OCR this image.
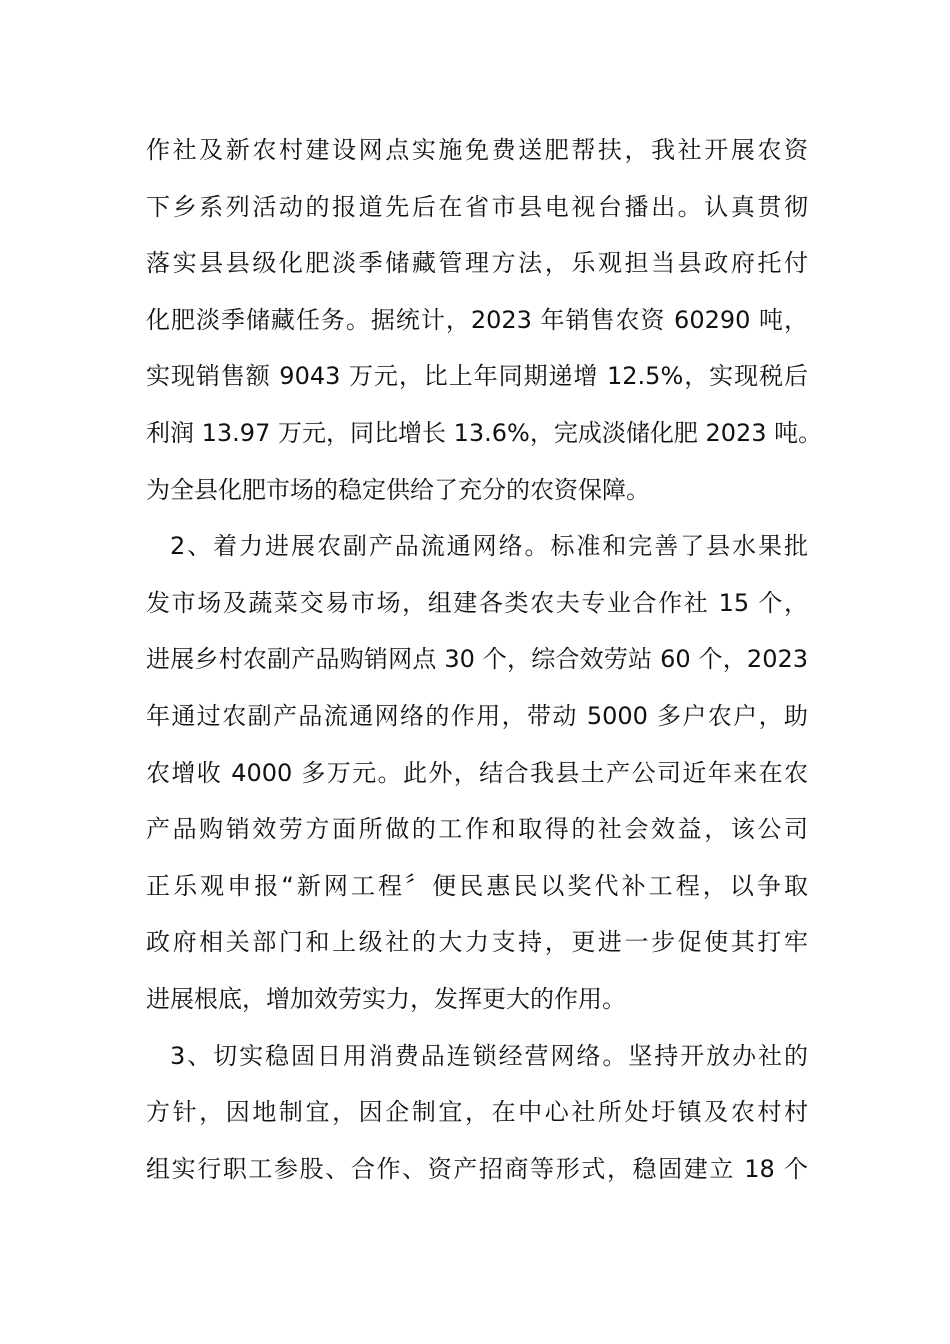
作社及新农村建设网点实施免费送肥帮扶，我社开展农资
下乡系列活动的报道先后在省市县电视台播出。认真贯彻
落实县县级化肥淡季储藏管理方法，乐观担当县政府托付
化肥淡季储藏任务。据统计，2023 年销售农资 60290 吨，
实现销售额 9043 万元，比上年同期递增 12.5%，实现税后
利润 13.97 万元，同比增长 13.6%，完成淡储化肥 2023 吨。
为全县化肥市场的稳定供给了充分的农资保障。
2、着力进展农副产品流通网络。标准和完善了县水果批
发市场及蔬菜交易市场，组建各类农夫专业合作社 15 个，
进展乡村农副产品购销网点 30 个，综合效劳站 60 个，2023
年通过农副产品流通网络的作用，带动 5000 多户农户，助
农增收 4000 多万元。此外，结合我县土产公司近年来在农
产品购销效劳方面所做的工作和取得的社会效益，该公司
正乐观申报“新网工程〞便民惠民以奖代补工程，以争取
政府相关部门和上级社的大力支持，更进一步促使其打牢
进展根底，增加效劳实力，发挥更大的作用。
3、切实稳固日用消费品连锁经营网络。坚持开放办社的
方针，因地制宜，因企制宜，在中心社所处圩镇及农村村
组实行职工参股、合作、资产招商等形式，稳固建立 18 个
